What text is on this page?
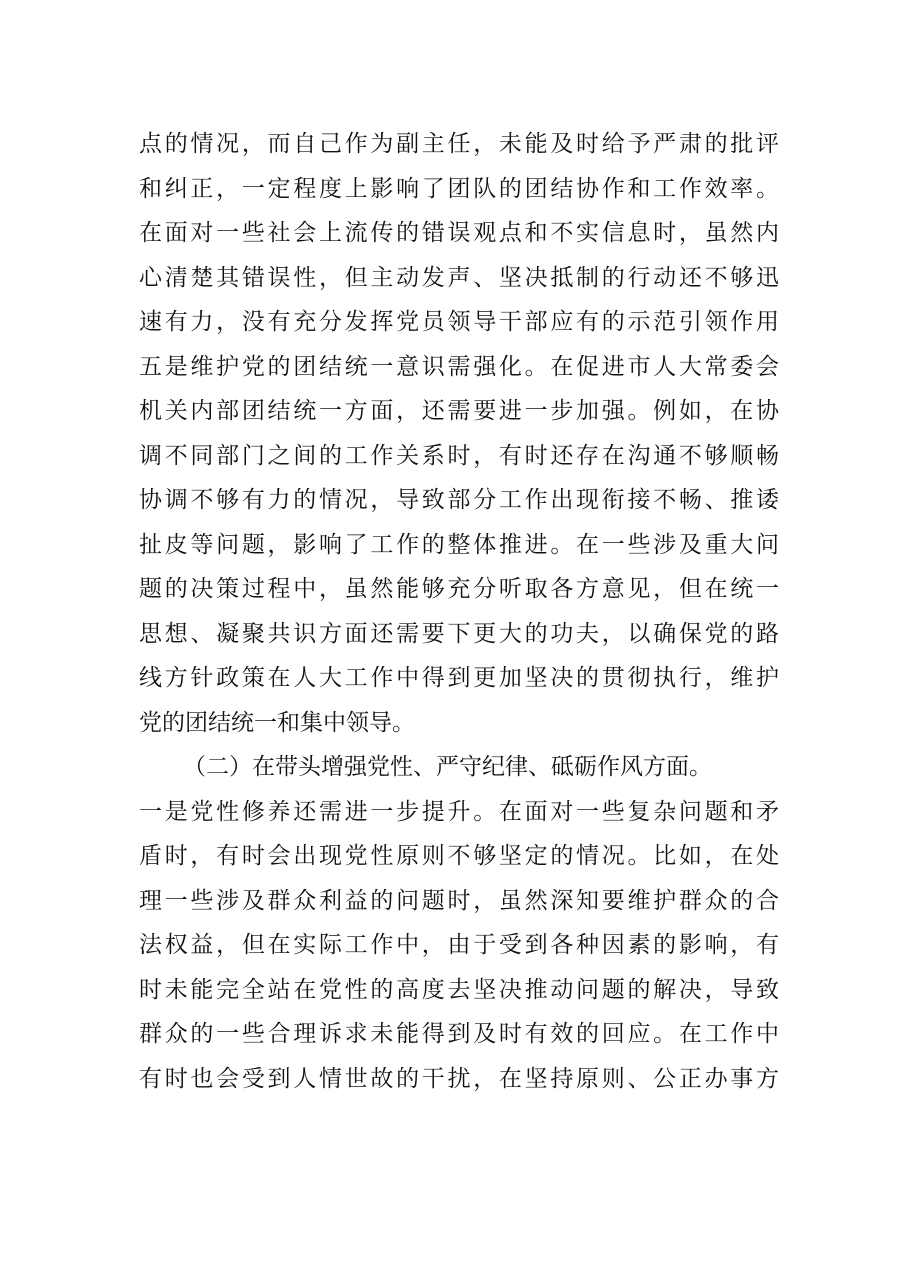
点的情况，而自己作为副主任，未能及时给予严肃的批评
和纠正，一定程度上影响了团队的团结协作和工作效率。
在面对一些社会上流传的错误观点和不实信息时，虽然内
心清楚其错误性，但主动发声、坚决抵制的行动还不够迅
速有力，没有充分发挥党员领导干部应有的示范引领作用
五是维护党的团结统一意识需强化。在促进市人大常委会
机关内部团结统一方面，还需要进一步加强。例如，在协
调不同部门之间的工作关系时，有时还存在沟通不够顺畅
协调不够有力的情况，导致部分工作出现衔接不畅、推诿
扯皮等问题，影响了工作的整体推进。在一些涉及重大问
题的决策过程中，虽然能够充分听取各方意见，但在统一
思想、凝聚共识方面还需要下更大的功夫，以确保党的路
线方针政策在人大工作中得到更加坚决的贯彻执行，维护
党的团结统一和集中领导。
（二）在带头增强党性、严守纪律、砥砺作风方面。
一是党性修养还需进一步提升。在面对一些复杂问题和矛
盾时，有时会出现党性原则不够坚定的情况。比如，在处
理一些涉及群众利益的问题时，虽然深知要维护群众的合
法权益，但在实际工作中，由于受到各种因素的影响，有
时未能完全站在党性的高度去坚决推动问题的解决，导致
群众的一些合理诉求未能得到及时有效的回应。在工作中
有时也会受到人情世故的干扰，在坚持原则、公正办事方
